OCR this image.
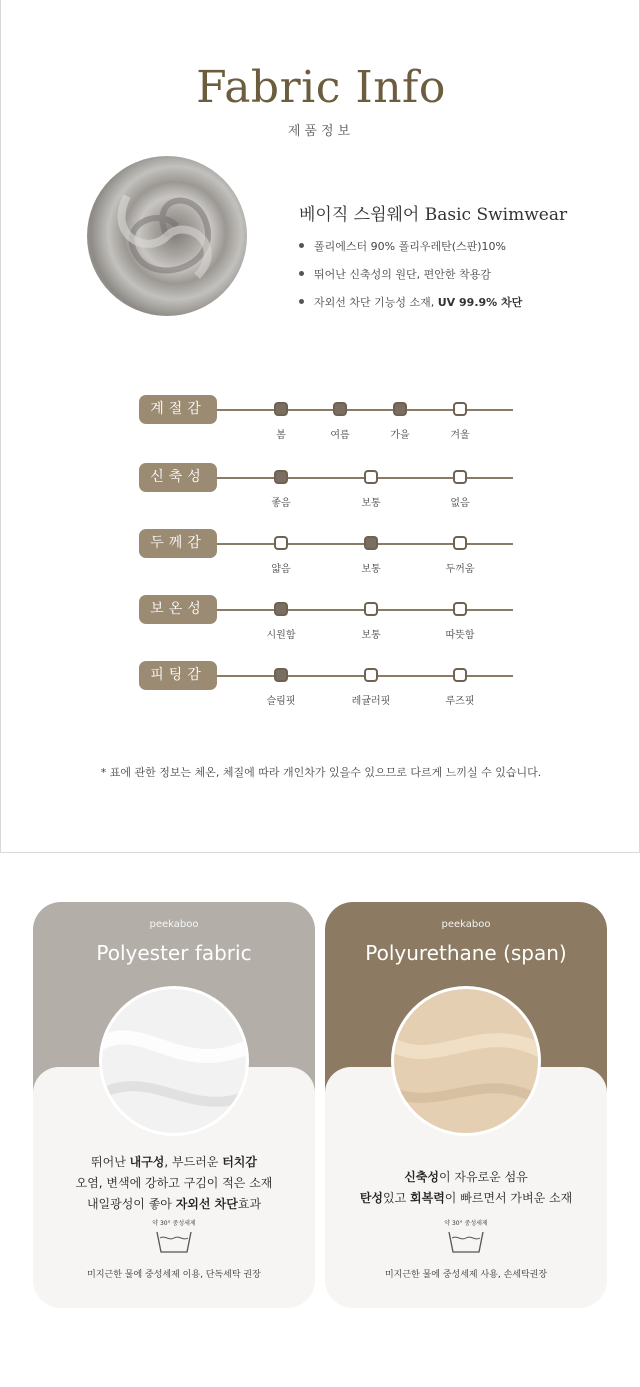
Fabric Info
제품정보
베이직 스윔웨어 Basic Swimwear
폴리에스터 90% 폴리우레탄(스판)10%
뛰어난 신축성의 원단, 편안한 착용감
자외선 차단 기능성 소재, UV 99.9% 차단
계절감
봄	여름	가을	겨울
신축성
좋음	보통	없음
두께감
얇음	보통	두꺼움
보온성
시원함	보통	따뜻함
피팅감
슬림핏	레귤러핏	루즈핏
* 표에 관한 정보는 체온, 체질에 따라 개인차가 있을수 있으므로 다르게 느끼실 수 있습니다.
peekaboo
Polyester fabric
뛰어난 내구성, 부드러운 터치감
오염, 변색에 강하고 구김이 적은 소재
내일광성이 좋아 자외선 차단효과
약 30° 중성세제
미지근한 물에 중성세제 이용, 단독세탁 권장
peekaboo
Polyurethane (span)
신축성이 자유로운 섬유
탄성있고 회복력이 빠르면서 가벼운 소재
약 30° 중성세제
미지근한 물에 중성세제 사용, 손세탁권장
